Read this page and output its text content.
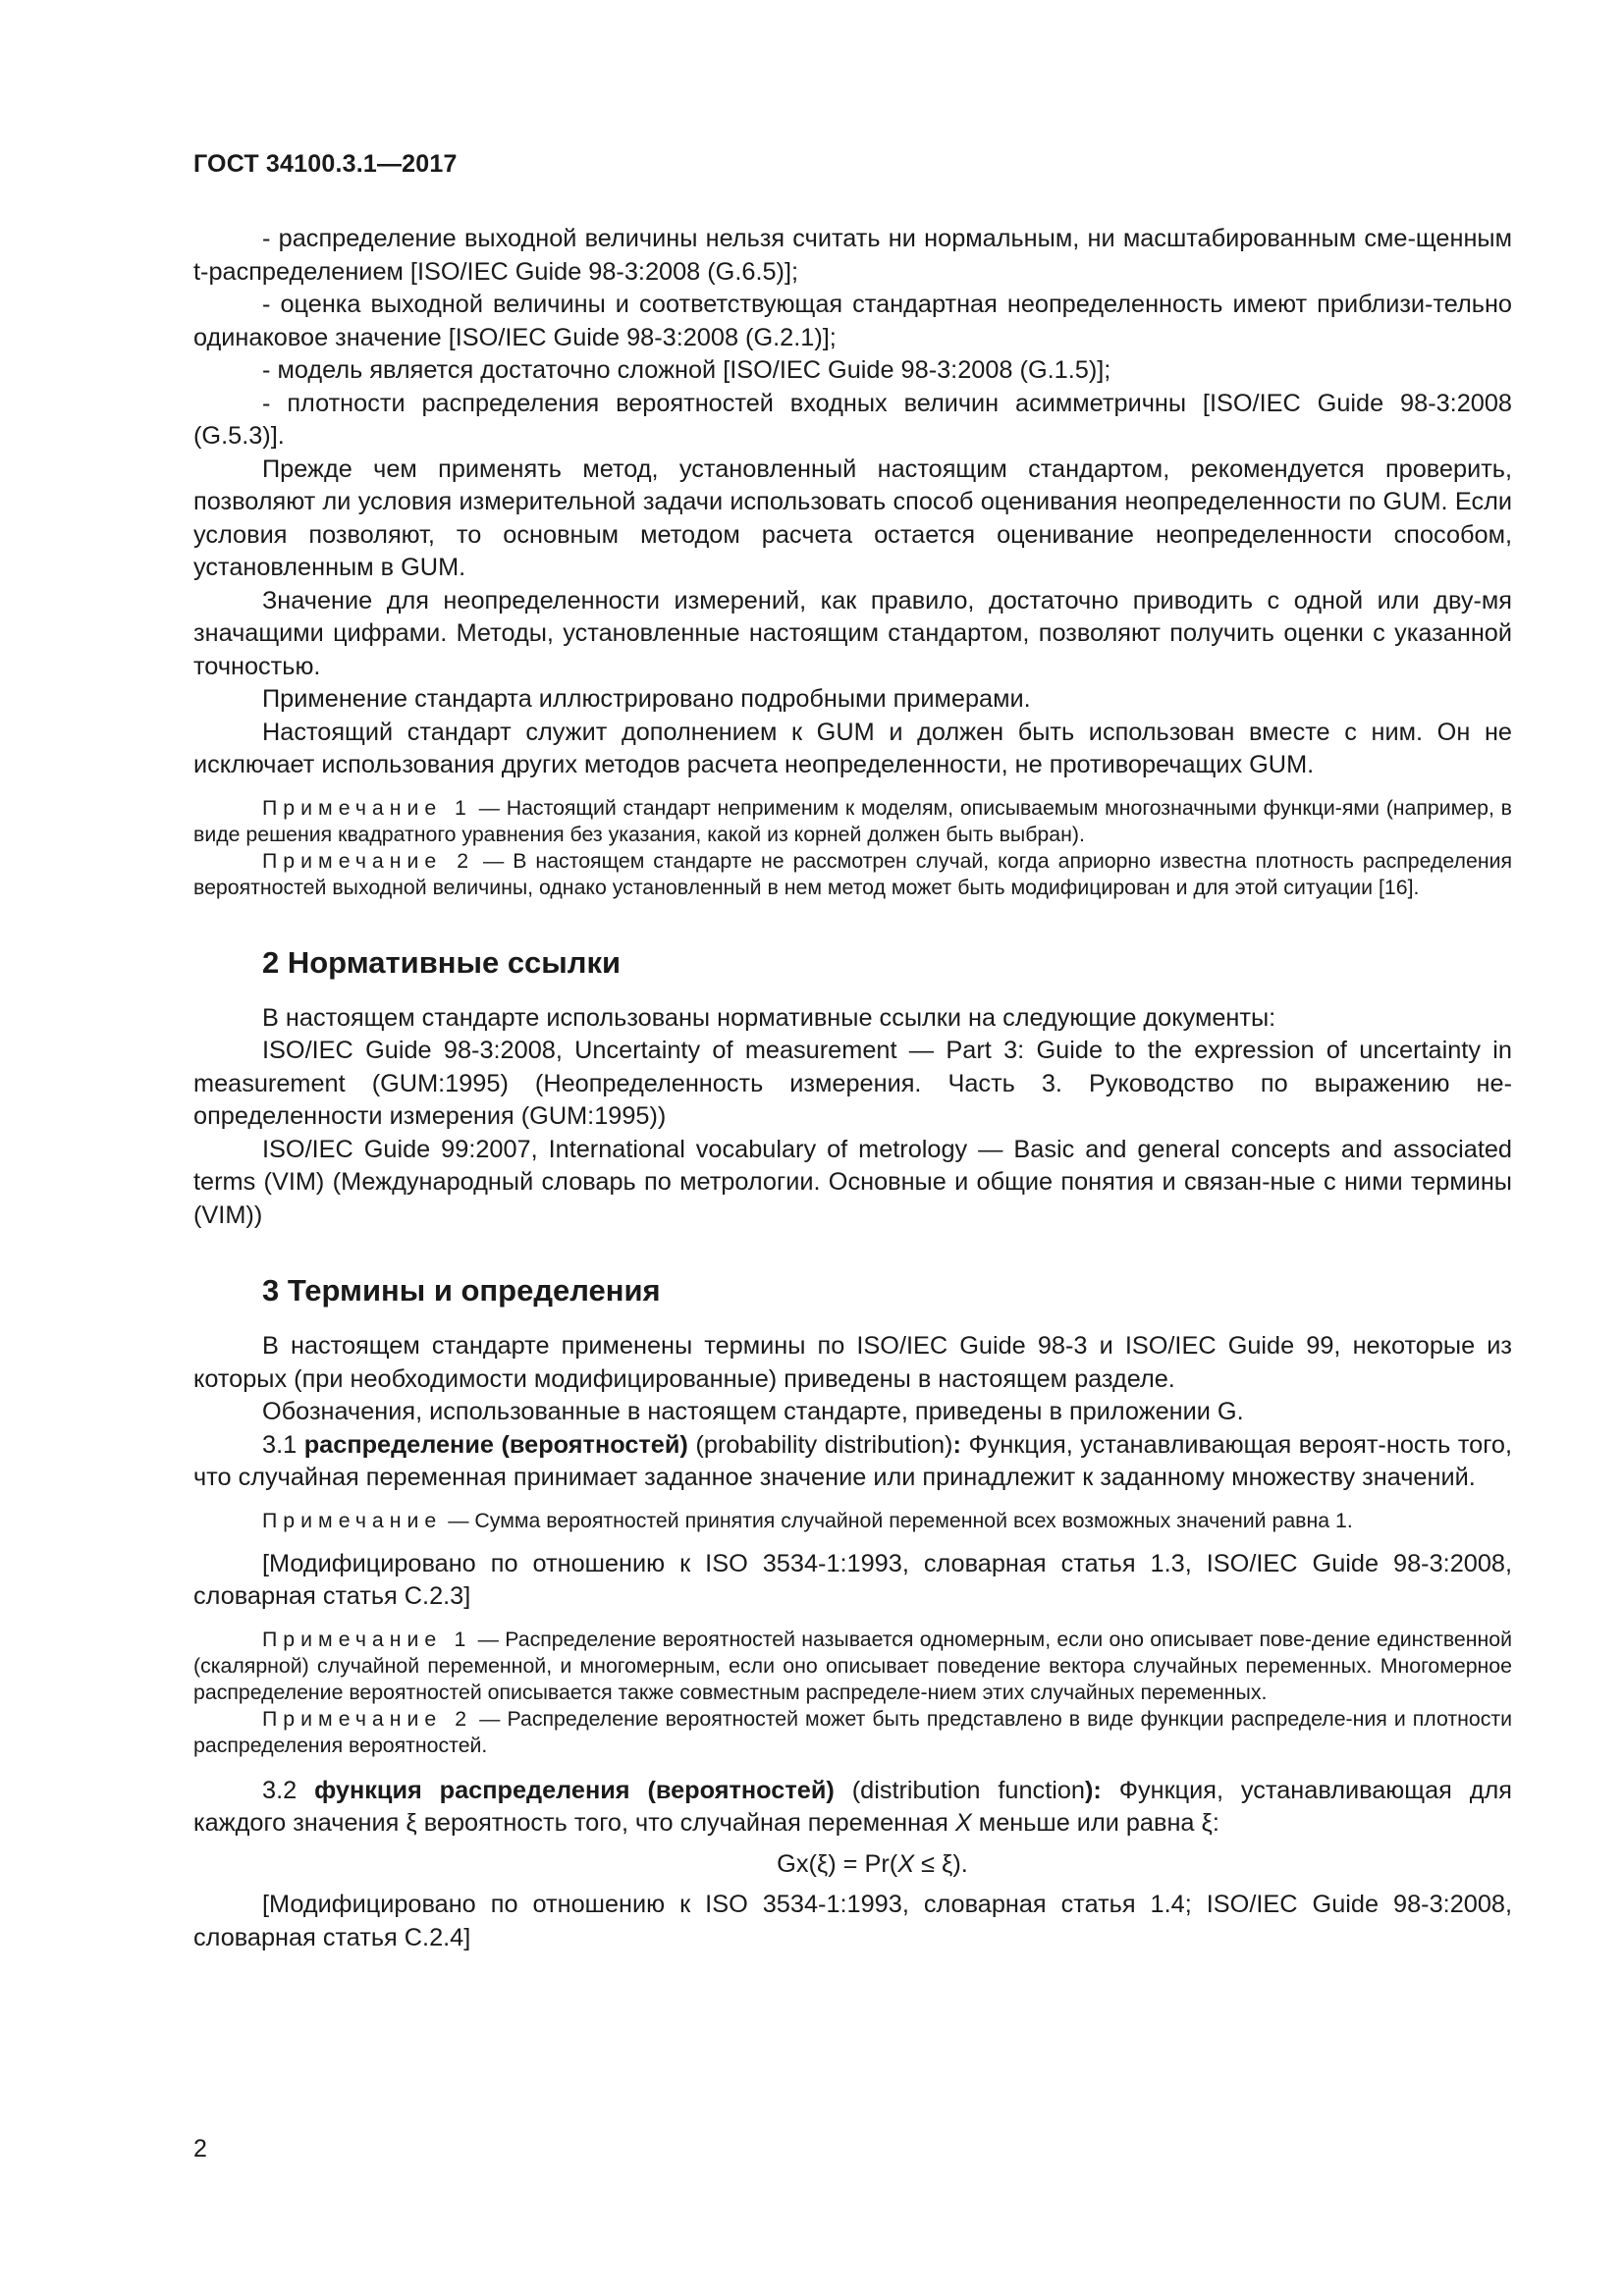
ГОСТ 34100.3.1—2017

- распределение выходной величины нельзя считать ни нормальным, ни масштабированным сме-щенным t-распределением [ISO/IEC Guide 98-3:2008 (G.6.5)];

- оценка выходной величины и соответствующая стандартная неопределенность имеют приблизи-тельно одинаковое значение [ISO/IEC Guide 98-3:2008 (G.2.1)];

- модель является достаточно сложной [ISO/IEC Guide 98-3:2008 (G.1.5)];

- плотности распределения вероятностей входных величин асимметричны [ISO/IEC Guide 98-3:2008 (G.5.3)].

Прежде чем применять метод, установленный настоящим стандартом, рекомендуется проверить, позволяют ли условия измерительной задачи использовать способ оценивания неопределенности по GUM. Если условия позволяют, то основным методом расчета остается оценивание неопределенности способом, установленным в GUM.

Значение для неопределенности измерений, как правило, достаточно приводить с одной или дву-мя значащими цифрами. Методы, установленные настоящим стандартом, позволяют получить оценки с указанной точностью.

Применение стандарта иллюстрировано подробными примерами.

Настоящий стандарт служит дополнением к GUM и должен быть использован вместе с ним. Он не исключает использования других методов расчета неопределенности, не противоречащих GUM.

Примечание 1 — Настоящий стандарт неприменим к моделям, описываемым многозначными функци-ями (например, в виде решения квадратного уравнения без указания, какой из корней должен быть выбран).

Примечание 2 — В настоящем стандарте не рассмотрен случай, когда априорно известна плотность распределения вероятностей выходной величины, однако установленный в нем метод может быть модифицирован и для этой ситуации [16].

2 Нормативные ссылки

В настоящем стандарте использованы нормативные ссылки на следующие документы:

ISO/IEC Guide 98-3:2008, Uncertainty of measurement — Part 3: Guide to the expression of uncertainty in measurement (GUM:1995) (Неопределенность измерения. Часть 3. Руководство по выражению не-определенности измерения (GUM:1995))

ISO/IEC Guide 99:2007, International vocabulary of metrology — Basic and general concepts and associated terms (VIM) (Международный словарь по метрологии. Основные и общие понятия и связан-ные с ними термины (VIM))

3 Термины и определения

В настоящем стандарте применены термины по ISO/IEC Guide 98-3 и ISO/IEC Guide 99, некоторые из которых (при необходимости модифицированные) приведены в настоящем разделе.

Обозначения, использованные в настоящем стандарте, приведены в приложении G.

3.1 распределение (вероятностей) (probability distribution): Функция, устанавливающая вероят-ность того, что случайная переменная принимает заданное значение или принадлежит к заданному множеству значений.

Примечание — Сумма вероятностей принятия случайной переменной всех возможных значений равна 1.

[Модифицировано по отношению к ISO 3534-1:1993, словарная статья 1.3, ISO/IEC Guide 98-3:2008, словарная статья С.2.3]

Примечание 1 — Распределение вероятностей называется одномерным, если оно описывает пове-дение единственной (скалярной) случайной переменной, и многомерным, если оно описывает поведение вектора случайных переменных. Многомерное распределение вероятностей описывается также совместным распределе-нием этих случайных переменных.

Примечание 2 — Распределение вероятностей может быть представлено в виде функции распределе-ния и плотности распределения вероятностей.

3.2 функция распределения (вероятностей) (distribution function): Функция, устанавливающая для каждого значения ξ вероятность того, что случайная переменная X меньше или равна ξ:

Gx(ξ) = Pr(X ≤ ξ).

[Модифицировано по отношению к ISO 3534-1:1993, словарная статья 1.4; ISO/IEC Guide 98-3:2008, словарная статья С.2.4]

2
